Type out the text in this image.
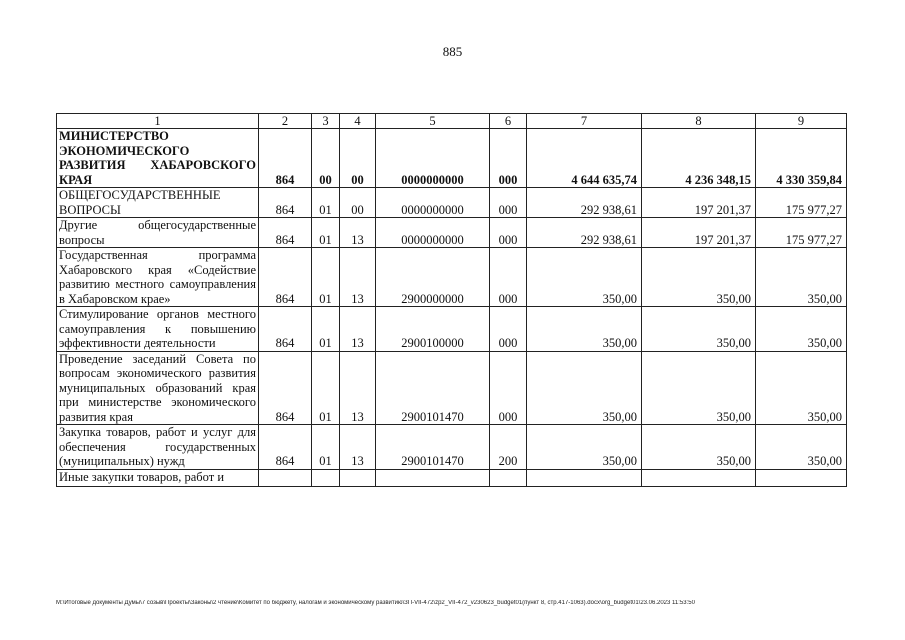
885
1	2	3	4	5	6	7	8	9
МИНИСТЕРСТВО ЭКОНОМИЧЕСКОГО РАЗВИТИЯ ХАБАРОВСКОГО КРАЯ	864	00	00	0000000000	000	4 644 635,74	4 236 348,15	4 330 359,84
ОБЩЕГОСУДАРСТВЕННЫЕ ВОПРОСЫ	864	01	00	0000000000	000	292 938,61	197 201,37	175 977,27
Другие общегосударственные вопросы	864	01	13	0000000000	000	292 938,61	197 201,37	175 977,27
Государственная программа Хабаровского края «Содействие развитию местного самоуправления в Хабаровском крае»	864	01	13	2900000000	000	350,00	350,00	350,00
Стимулирование органов местного самоуправления к повышению эффективности деятельности	864	01	13	2900100000	000	350,00	350,00	350,00
Проведение заседаний Совета по вопросам экономического развития муниципальных образований края при министерстве экономического развития края	864	01	13	2900101470	000	350,00	350,00	350,00
Закупка товаров, работ и услуг для обеспечения государственных (муниципальных) нужд	864	01	13	2900101470	200	350,00	350,00	350,00
Иные закупки товаров, работ и								
M:\Итоговые документы Думы\7 созыв\Проекты\Законы\2 чтение\Комитет по бюджету, налогам и экономическому развитию\ЗП-VII-472\zp2_VII-472_v230623_budget01(пункт 8, стр.417-1063).docx\org_budget01\23.06.2023 11:53:50
